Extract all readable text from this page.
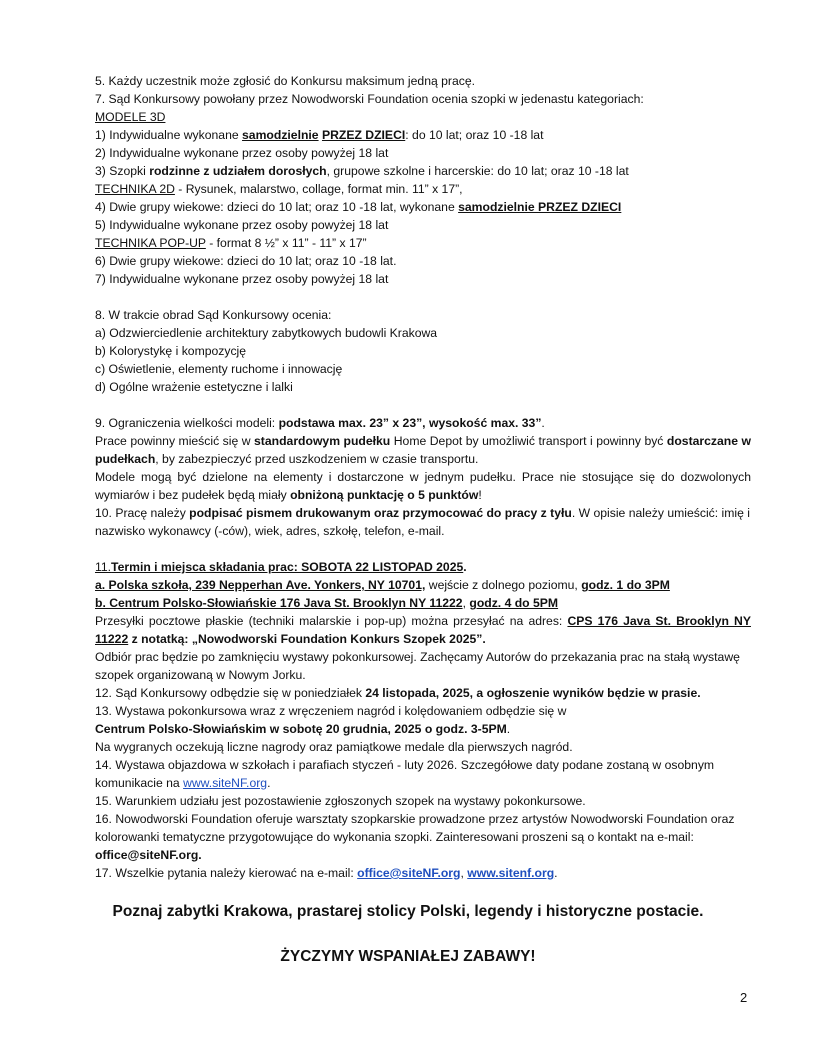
5. Każdy uczestnik może zgłosić do Konkursu maksimum jedną pracę.
7. Sąd Konkursowy powołany przez Nowodworski Foundation ocenia szopki w jedenastu kategoriach:
MODELE 3D
1) Indywidualne wykonane samodzielnie PRZEZ DZIECI: do 10 lat; oraz 10 -18 lat
2) Indywidualne wykonane przez osoby powyżej 18 lat
3) Szopki rodzinne z udziałem dorosłych, grupowe szkolne i harcerskie: do 10 lat; oraz 10 -18 lat
TECHNIKA 2D - Rysunek, malarstwo, collage, format min. 11” x 17”,
4) Dwie grupy wiekowe: dzieci do 10 lat; oraz 10 -18 lat, wykonane samodzielnie PRZEZ DZIECI
5) Indywidualne wykonane przez osoby powyżej 18 lat
TECHNIKA POP-UP - format 8 ½” x 11” - 11” x 17”
6) Dwie grupy wiekowe: dzieci do 10 lat; oraz 10 -18 lat.
7) Indywidualne wykonane przez osoby powyżej 18 lat
8. W trakcie obrad Sąd Konkursowy ocenia:
a) Odzwierciedlenie architektury zabytkowych budowli Krakowa
b) Kolorystykę i kompozycję
c) Oświetlenie, elementy ruchome i innowację
d) Ogólne wrażenie estetyczne i lalki
9. Ograniczenia wielkości modeli: podstawa max. 23” x 23”, wysokość max. 33”.
Prace powinny mieścić się w standardowym pudełku Home Depot by umożliwić transport i powinny być dostarczane w pudełkach, by zabezpieczyć przed uszkodzeniem w czasie transportu.
Modele mogą być dzielone na elementy i dostarczone w jednym pudełku. Prace nie stosujące się do dozwolonych wymiarów i bez pudełek będą miały obniżoną punktację o 5 punktów!
10. Pracę należy podpisać pismem drukowanym oraz przymocować do pracy z tyłu. W opisie należy umieścić: imię i nazwisko wykonawcy (-ców), wiek, adres, szkołę, telefon, e-mail.
11.Termin i miejsca składania prac: SOBOTA 22 LISTOPAD 2025.
a. Polska szkoła, 239 Nepperhan Ave. Yonkers, NY 10701, wejście z dolnego poziomu, godz. 1 do 3PM
b. Centrum Polsko-Słowiańskie 176 Java St. Brooklyn NY 11222, godz. 4 do 5PM
Przesyłki pocztowe płaskie (techniki malarskie i pop-up) można przesyłać na adres: CPS 176 Java St. Brooklyn NY 11222 z notatką: „Nowodworski Foundation Konkurs Szopek 2025”.
Odbiór prac będzie po zamknięciu wystawy pokonkursowej. Zachęcamy Autorów do przekazania prac na stałą wystawę szopek organizowaną w Nowym Jorku.
12. Sąd Konkursowy odbędzie się w poniedziałek 24 listopada, 2025, a ogłoszenie wyników będzie w prasie.
13. Wystawa pokonkursowa wraz z wręczeniem nagród i kolędowaniem odbędzie się w
Centrum Polsko-Słowiańskim w sobotę 20 grudnia, 2025 o godz. 3-5PM.
Na wygranych oczekują liczne nagrody oraz pamiątkowe medale dla pierwszych nagród.
14. Wystawa objazdowa w szkołach i parafiach styczeń - luty 2026. Szczegółowe daty podane zostaną w osobnym komunikacie na www.siteNF.org.
15. Warunkiem udziału jest pozostawienie zgłoszonych szopek na wystawy pokonkursowe.
16. Nowodworski Foundation oferuje warsztaty szopkarskie prowadzone przez artystów Nowodworski Foundation oraz kolorowanki tematyczne przygotowujące do wykonania szopki. Zainteresowani proszeni są o kontakt na e-mail: office@siteNF.org.
17. Wszelkie pytania należy kierować na e-mail: office@siteNF.org, www.sitenf.org.
Poznaj zabytki Krakowa, prastarej stolicy Polski, legendy i historyczne postacie.
ŻYCZYMY WSPANIAŁEJ ZABAWY!
2
